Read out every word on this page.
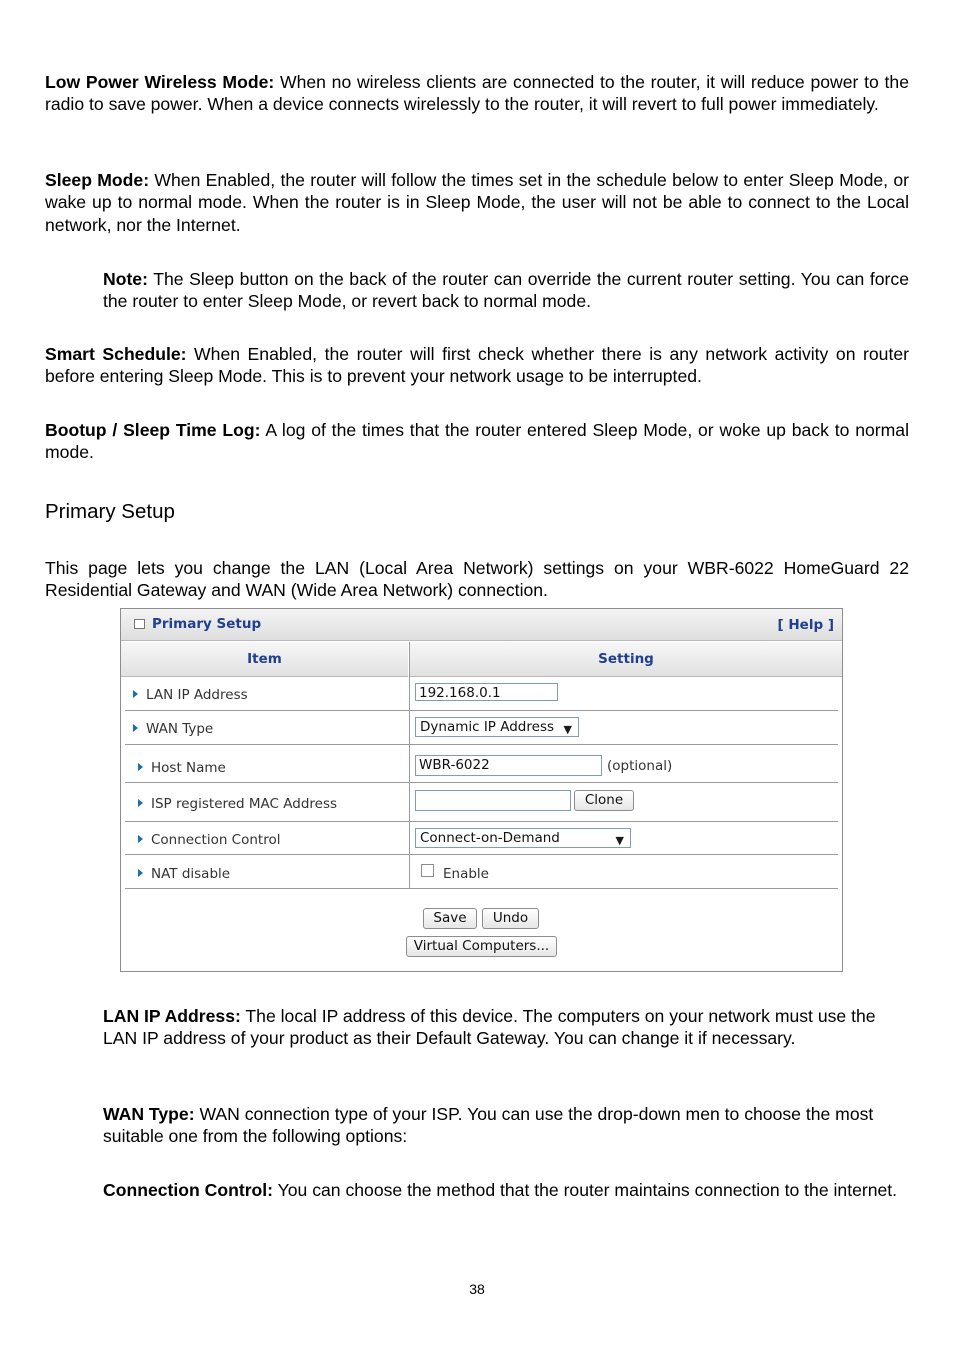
Low Power Wireless Mode: When no wireless clients are connected to the router, it will reduce power to the radio to save power. When a device connects wirelessly to the router, it will revert to full power immediately.

Sleep Mode: When Enabled, the router will follow the times set in the schedule below to enter Sleep Mode, or wake up to normal mode. When the router is in Sleep Mode, the user will not be able to connect to the Local network, nor the Internet.

Note: The Sleep button on the back of the router can override the current router setting. You can force the router to enter Sleep Mode, or revert back to normal mode.

Smart Schedule: When Enabled, the router will first check whether there is any network activity on router before entering Sleep Mode. This is to prevent your network usage to be interrupted.

Bootup / Sleep Time Log: A log of the times that the router entered Sleep Mode, or woke up back to normal mode.

Primary Setup

This page lets you change the LAN (Local Area Network) settings on your WBR-6022 HomeGuard 22 Residential Gateway and WAN (Wide Area Network) connection.

Primary Setup	[ Help ]
Item	Setting
LAN IP Address	192.168.0.1
WAN Type	Dynamic IP Address ▼
Host Name	WBR-6022	(optional)
ISP registered MAC Address	Clone
Connection Control	Connect-on-Demand	▼
NAT disable	Enable
Save	Undo
Virtual Computers...

LAN IP Address: The local IP address of this device. The computers on your network must use the LAN IP address of your product as their Default Gateway. You can change it if necessary.

WAN Type: WAN connection type of your ISP. You can use the drop-down men to choose the most suitable one from the following options:

Connection Control: You can choose the method that the router maintains connection to the internet.

38
